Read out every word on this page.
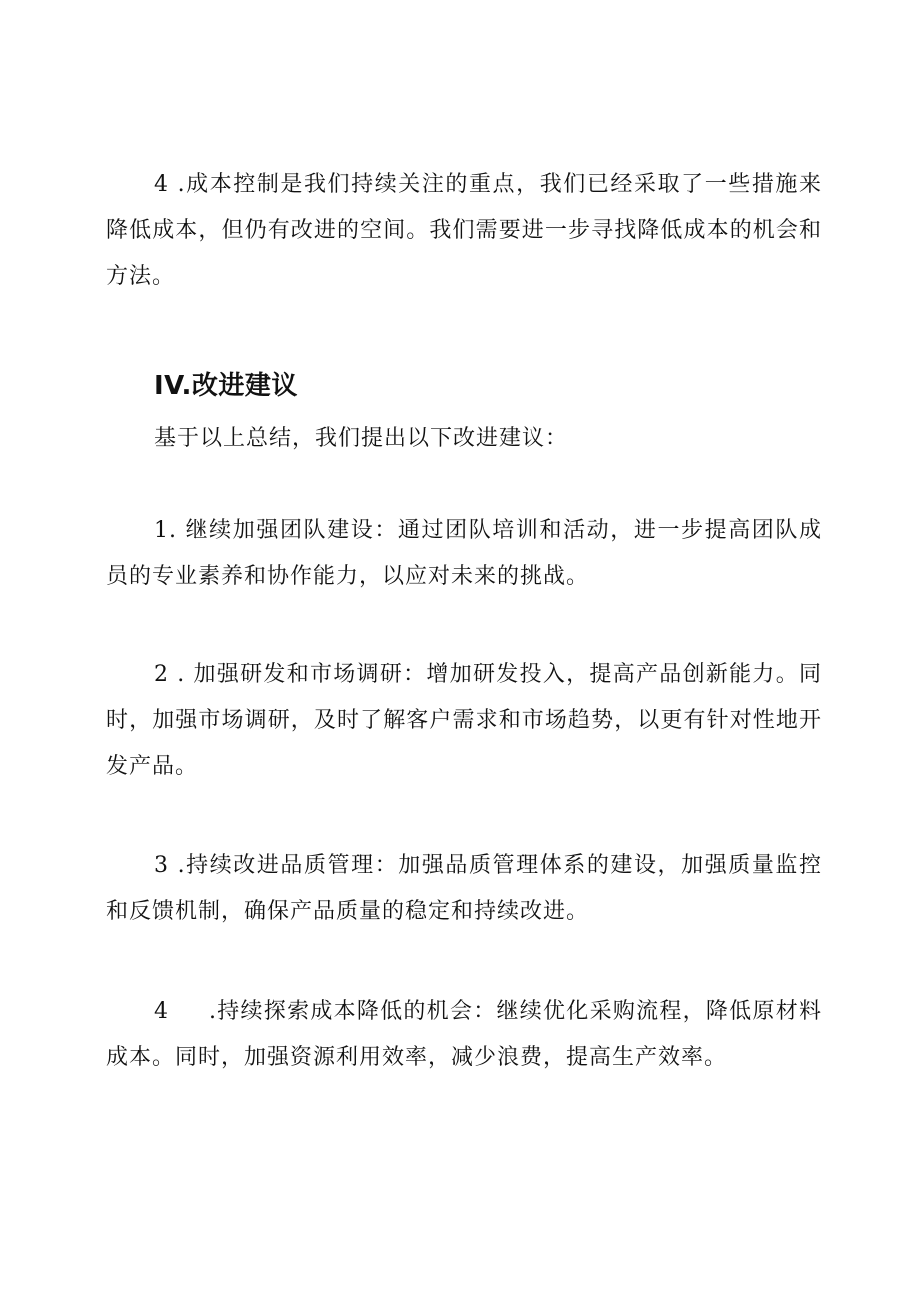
4 .成本控制是我们持续关注的重点，我们已经采取了一些措施来降低成本，但仍有改进的空间。我们需要进一步寻找降低成本的机会和方法。

IV.改进建议

基于以上总结，我们提出以下改进建议：

1. 继续加强团队建设：通过团队培训和活动，进一步提高团队成员的专业素养和协作能力，以应对未来的挑战。

2 . 加强研发和市场调研：增加研发投入，提高产品创新能力。同时，加强市场调研，及时了解客户需求和市场趋势，以更有针对性地开发产品。

3 .持续改进品质管理：加强品质管理体系的建设，加强质量监控和反馈机制，确保产品质量的稳定和持续改进。

4 .持续探索成本降低的机会：继续优化采购流程，降低原材料成本。同时，加强资源利用效率，减少浪费，提高生产效率。
